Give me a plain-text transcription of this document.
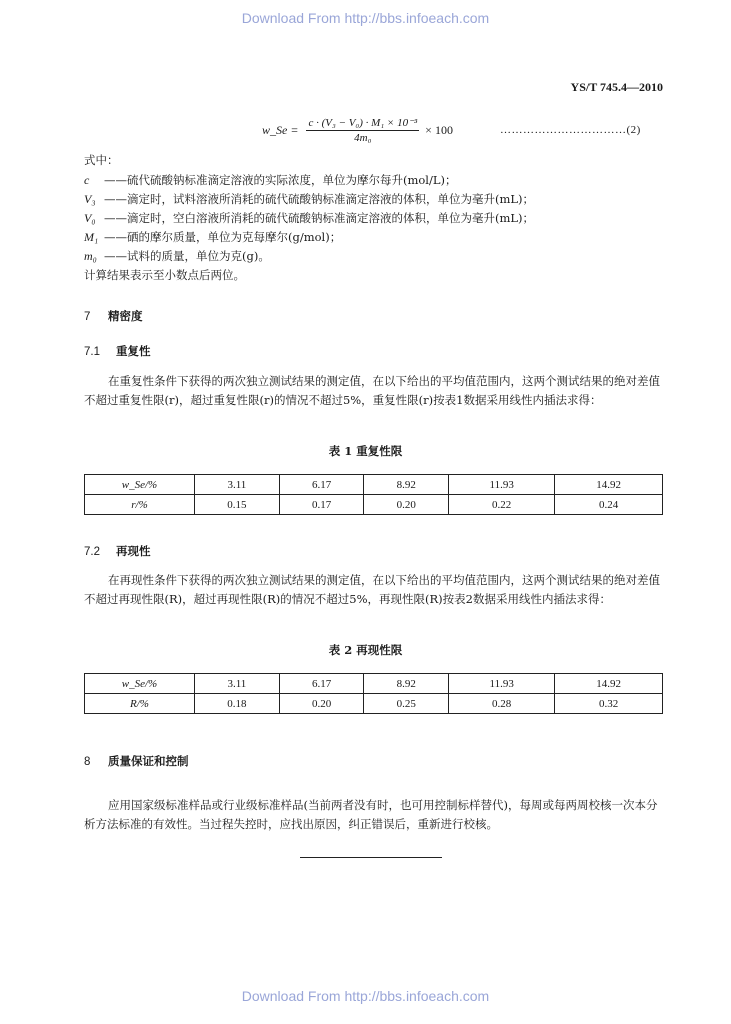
Download From http://bbs.infoeach.com
YS/T 745.4—2010
w_Se = $\frac{\text{c · (V₃ − V₀) · M₁ × 10⁻³}}{\text{4m₀}} \times 100$	……………………………(2)
式中：
c ——硫代硫酸钠标准滴定溶液的实际浓度，单位为摩尔每升(mol/L)；
V₃ ——滴定时，试料溶液所消耗的硫代硫酸钠标准滴定溶液的体积，单位为毫升(mL)；
V₀ ——滴定时，空白溶液所消耗的硫代硫酸钠标准滴定溶液的体积，单位为毫升(mL)；
M₁ ——硒的摩尔质量，单位为克每摩尔(g/mol)；
m₀ ——试料的质量，单位为克(g)。
计算结果表示至小数点后两位。
7 精密度
7.1 重复性
在重复性条件下获得的两次独立测试结果的测定值，在以下给出的平均值范围内，这两个测试结果的绝对差值不超过重复性限(r)，超过重复性限(r)的情况不超过5%，重复性限(r)按表1数据采用线性内插法求得：
表 1 重复性限
w_Se/%	3.11	6.17	8.92	11.93	14.92
r/%	0.15	0.17	0.20	0.22	0.24
7.2 再现性
在再现性条件下获得的两次独立测试结果的测定值，在以下给出的平均值范围内，这两个测试结果的绝对差值不超过再现性限(R)，超过再现性限(R)的情况不超过5%，再现性限(R)按表2数据采用线性内插法求得：
表 2 再现性限
w_Se/%	3.11	6.17	8.92	11.93	14.92
R/%	0.18	0.20	0.25	0.28	0.32
8 质量保证和控制
应用国家级标准样品或行业级标准样品(当前两者没有时，也可用控制标样替代)，每周或每两周校核一次本分析方法标准的有效性。当过程失控时，应找出原因，纠正错误后，重新进行校核。
Download From http://bbs.infoeach.com
